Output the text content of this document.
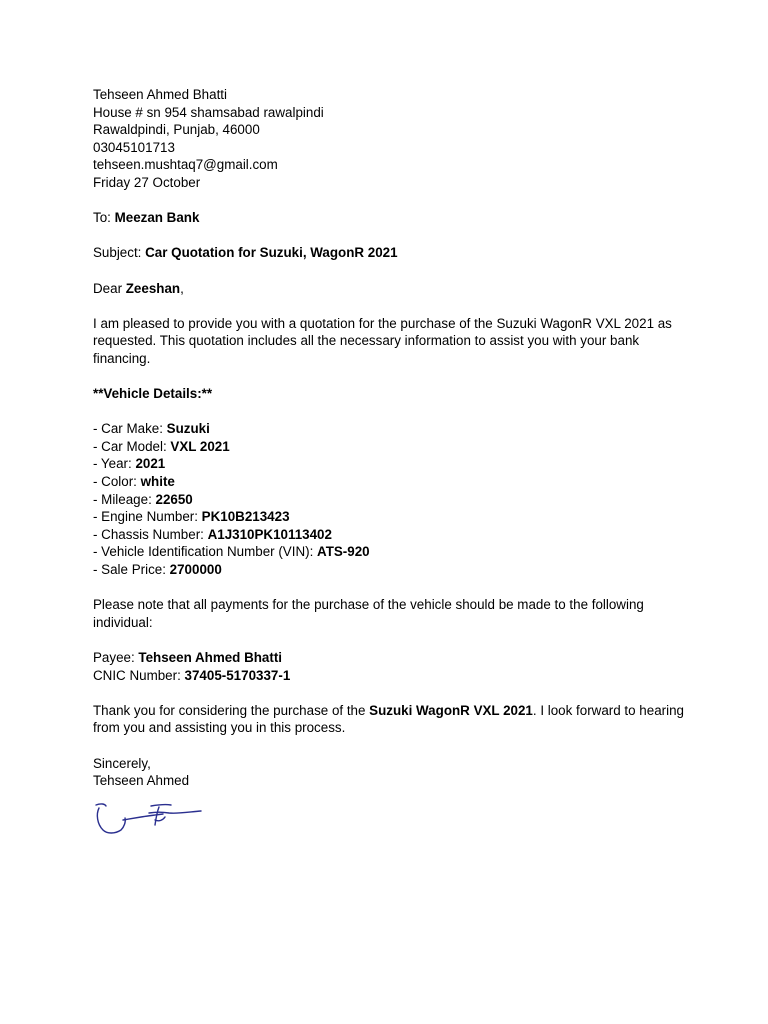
Tehseen Ahmed Bhatti
House # sn 954 shamsabad rawalpindi
Rawaldpindi, Punjab, 46000
03045101713
tehseen.mushtaq7@gmail.com
Friday 27 October
To: Meezan Bank
Subject: Car Quotation for Suzuki, WagonR 2021
Dear Zeeshan,
I am pleased to provide you with a quotation for the purchase of the Suzuki WagonR VXL 2021 as requested. This quotation includes all the necessary information to assist you with your bank financing.
**Vehicle Details:**
- Car Make: Suzuki
- Car Model: VXL 2021
- Year: 2021
- Color: white
- Mileage: 22650
- Engine Number: PK10B213423
- Chassis Number: A1J310PK10113402
- Vehicle Identification Number (VIN): ATS-920
- Sale Price: 2700000
Please note that all payments for the purchase of the vehicle should be made to the following individual:
Payee: Tehseen Ahmed Bhatti
CNIC Number: 37405-5170337-1
Thank you for considering the purchase of the Suzuki WagonR VXL 2021. I look forward to hearing from you and assisting you in this process.
Sincerely,
Tehseen Ahmed
